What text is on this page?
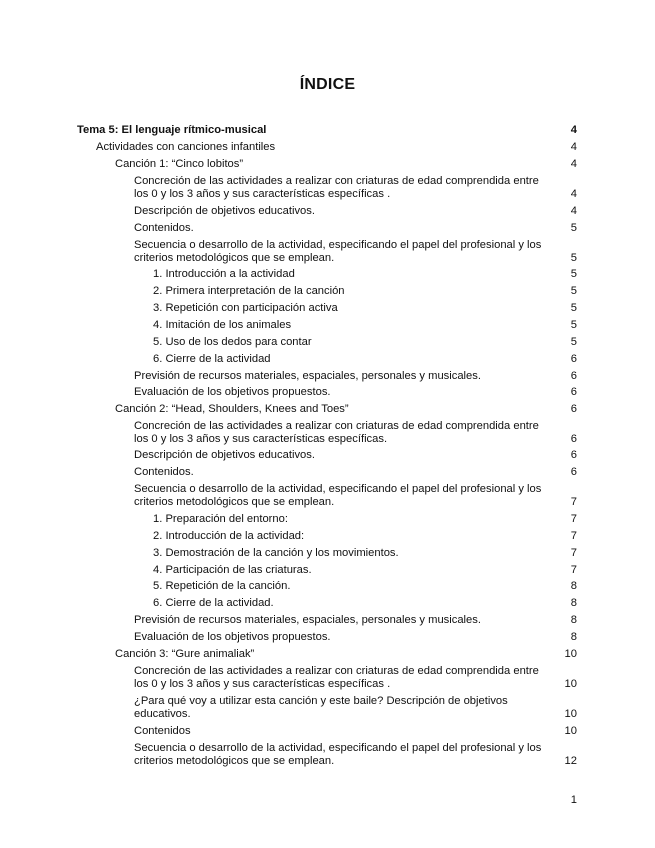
ÍNDICE
Tema 5: El lenguaje rítmico-musical	4
Actividades con canciones infantiles	4
Canción 1: “Cinco lobitos”	4
Concreción de las actividades a realizar con criaturas de edad comprendida entre los 0 y los 3 años y sus características específicas .	4
Descripción de objetivos educativos.	4
Contenidos.	5
Secuencia o desarrollo de la actividad, especificando el papel del profesional y los criterios metodológicos que se emplean.	5
1. Introducción a la actividad	5
2. Primera interpretación de la canción	5
3. Repetición con participación activa	5
4. Imitación de los animales	5
5. Uso de los dedos para contar	5
6. Cierre de la actividad	6
Previsión de recursos materiales, espaciales, personales y musicales.	6
Evaluación de los objetivos propuestos.	6
Canción 2: “Head, Shoulders, Knees and Toes”	6
Concreción de las actividades a realizar con criaturas de edad comprendida entre los 0 y los 3 años y sus características específicas.	6
Descripción de objetivos educativos.	6
Contenidos.	6
Secuencia o desarrollo de la actividad, especificando el papel del profesional y los criterios metodológicos que se emplean.	7
1. Preparación del entorno:	7
2. Introducción de la actividad:	7
3. Demostración de la canción y los movimientos.	7
4. Participación de las criaturas.	7
5. Repetición de la canción.	8
6. Cierre de la actividad.	8
Previsión de recursos materiales, espaciales, personales y musicales.	8
Evaluación de los objetivos propuestos.	8
Canción 3: “Gure animaliak”	10
Concreción de las actividades a realizar con criaturas de edad comprendida entre los 0 y los 3 años y sus características específicas .	10
¿Para qué voy a utilizar esta canción y este baile? Descripción de objetivos educativos.	10
Contenidos	10
Secuencia o desarrollo de la actividad, especificando el papel del profesional y los criterios metodológicos que se emplean.	12
1
